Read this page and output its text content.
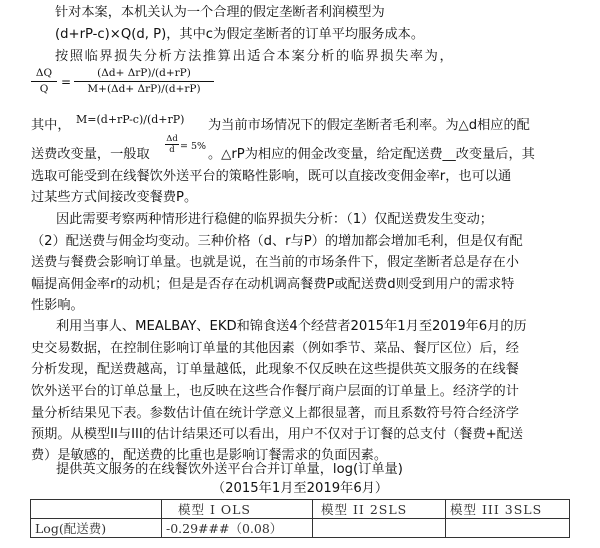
针对本案，本机关认为一个合理的假定垄断者利润模型为
(d+rP-c)×Q(d, P)，其中c为假定垄断者的订单平均服务成本。
按照临界损失分析方法推算出适合本案分析的临界损失率为，
$\frac{\Delta Q}{Q}$ =
(Δd+ ΔrP)/(d+rP)
M+(Δd+ ΔrP)/(d+rP)
其中， M=(d+rP-c)/(d+rP) 为当前市场情况下的假定垄断者毛利率。为△d相应的配
送费改变量，一般取	$\frac{\Delta d}{d} = 5\%$
。△rP为相应的佣金改变量，给定配送费__改变量后，其
选取可能受到在线餐饮外送平台的策略性影响，既可以直接改变佣金率r，也可以通
过某些方式间接改变餐费P。
因此需要考察两种情形进行稳健的临界损失分析：（1）仅配送费发生变动；
（2）配送费与佣金均变动。三种价格（d、r与P）的增加都会增加毛利，但是仅有配
送费与餐费会影响订单量。也就是说，在当前的市场条件下，假定垄断者总是存在小
幅提高佣金率r的动机；但是是否存在动机调高餐费P或配送费d则受到用户的需求特
性影响。
利用当事人、MEALBAY、EKD和锦食送4个经营者2015年1月至2019年6月的历
史交易数据，在控制住影响订单量的其他因素（例如季节、菜品、餐厅区位）后，经
分析发现，配送费越高，订单量越低，此现象不仅反映在这些提供英文服务的在线餐
饮外送平台的订单总量上，也反映在这些合作餐厅商户层面的订单量上。经济学的计
量分析结果见下表。参数估计值在统计学意义上都很显著，而且系数符号符合经济学
预期。从模型II与III的估计结果还可以看出，用户不仅对于订餐的总支付（餐费+配送
费）是敏感的，配送费的比重也是影响订餐需求的负面因素。
提供英文服务的在线餐饮外送平台合并订单量，log(订单量)
（2015年1月至2019年6月）
	模型 I OLS	模型 II 2SLS	模型 III 3SLS
Log(配送费)	-0.29###（0.08）		
